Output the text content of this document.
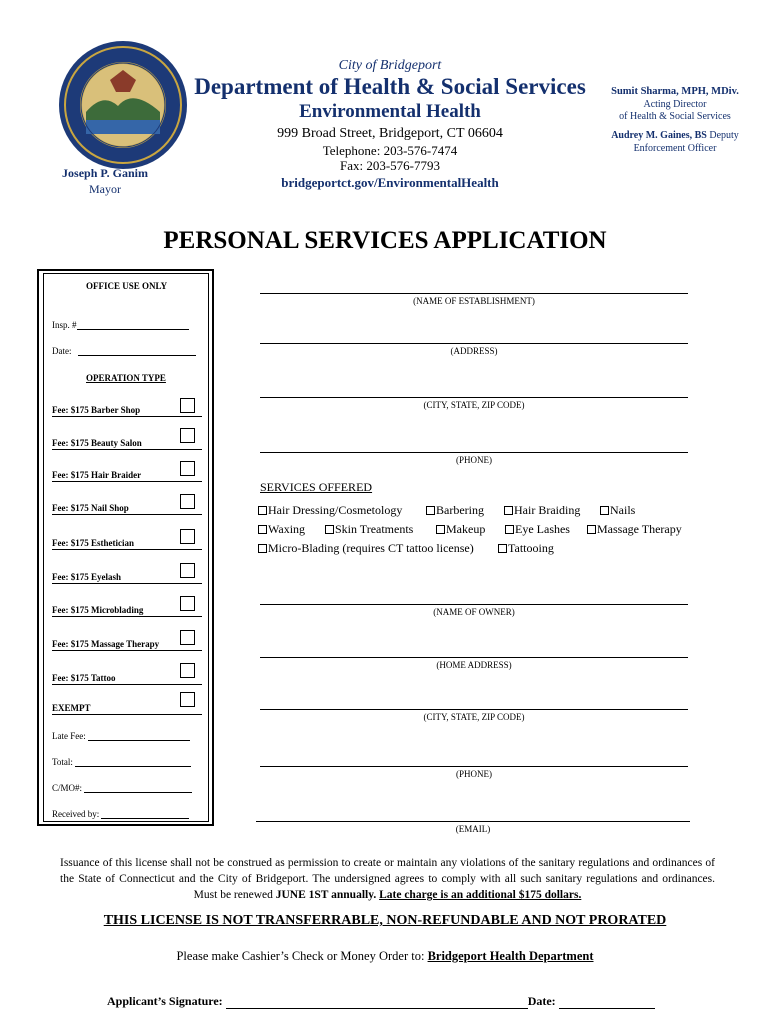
City of Bridgeport
Department of Health & Social Services
Environmental Health
999 Broad Street, Bridgeport, CT 06604
Telephone: 203-576-7474
Fax: 203-576-7793
bridgeportct.gov/EnvironmentalHealth
Joseph P. Ganim
Mayor
Sumit Sharma, MPH, MDiv.
Acting Director
of Health & Social Services
Audrey M. Gaines, BS Deputy
Enforcement Officer
PERSONAL SERVICES APPLICATION
OFFICE USE ONLY
Insp. #
Date:
OPERATION TYPE
Fee: $175 Barber Shop
Fee: $175 Beauty Salon
Fee: $175 Hair Braider
Fee: $175 Nail Shop
Fee: $175 Esthetician
Fee: $175 Eyelash
Fee: $175 Microblading
Fee: $175 Massage Therapy
Fee: $175 Tattoo
EXEMPT
Late Fee:
Total:
C/MO#:
Received by:
(NAME OF ESTABLISHMENT)
(ADDRESS)
(CITY, STATE, ZIP CODE)
(PHONE)
SERVICES OFFERED
Hair Dressing/Cosmetology	Barbering	Hair Braiding	Nails
Waxing	Skin Treatments	Makeup	Eye Lashes	Massage Therapy
Micro-Blading (requires CT tattoo license)	Tattooing
(NAME OF OWNER)
(HOME ADDRESS)
(CITY, STATE, ZIP CODE)
(PHONE)
(EMAIL)
Issuance of this license shall not be construed as permission to create or maintain any violations of the sanitary regulations and ordinances of the State of Connecticut and the City of Bridgeport. The undersigned agrees to comply with all such sanitary regulations and ordinances. Must be renewed JUNE 1ST annually. Late charge is an additional $175 dollars.
THIS LICENSE IS NOT TRANSFERRABLE, NON-REFUNDABLE AND NOT PRORATED
Please make Cashier’s Check or Money Order to: Bridgeport Health Department
Applicant’s Signature:	Date:
